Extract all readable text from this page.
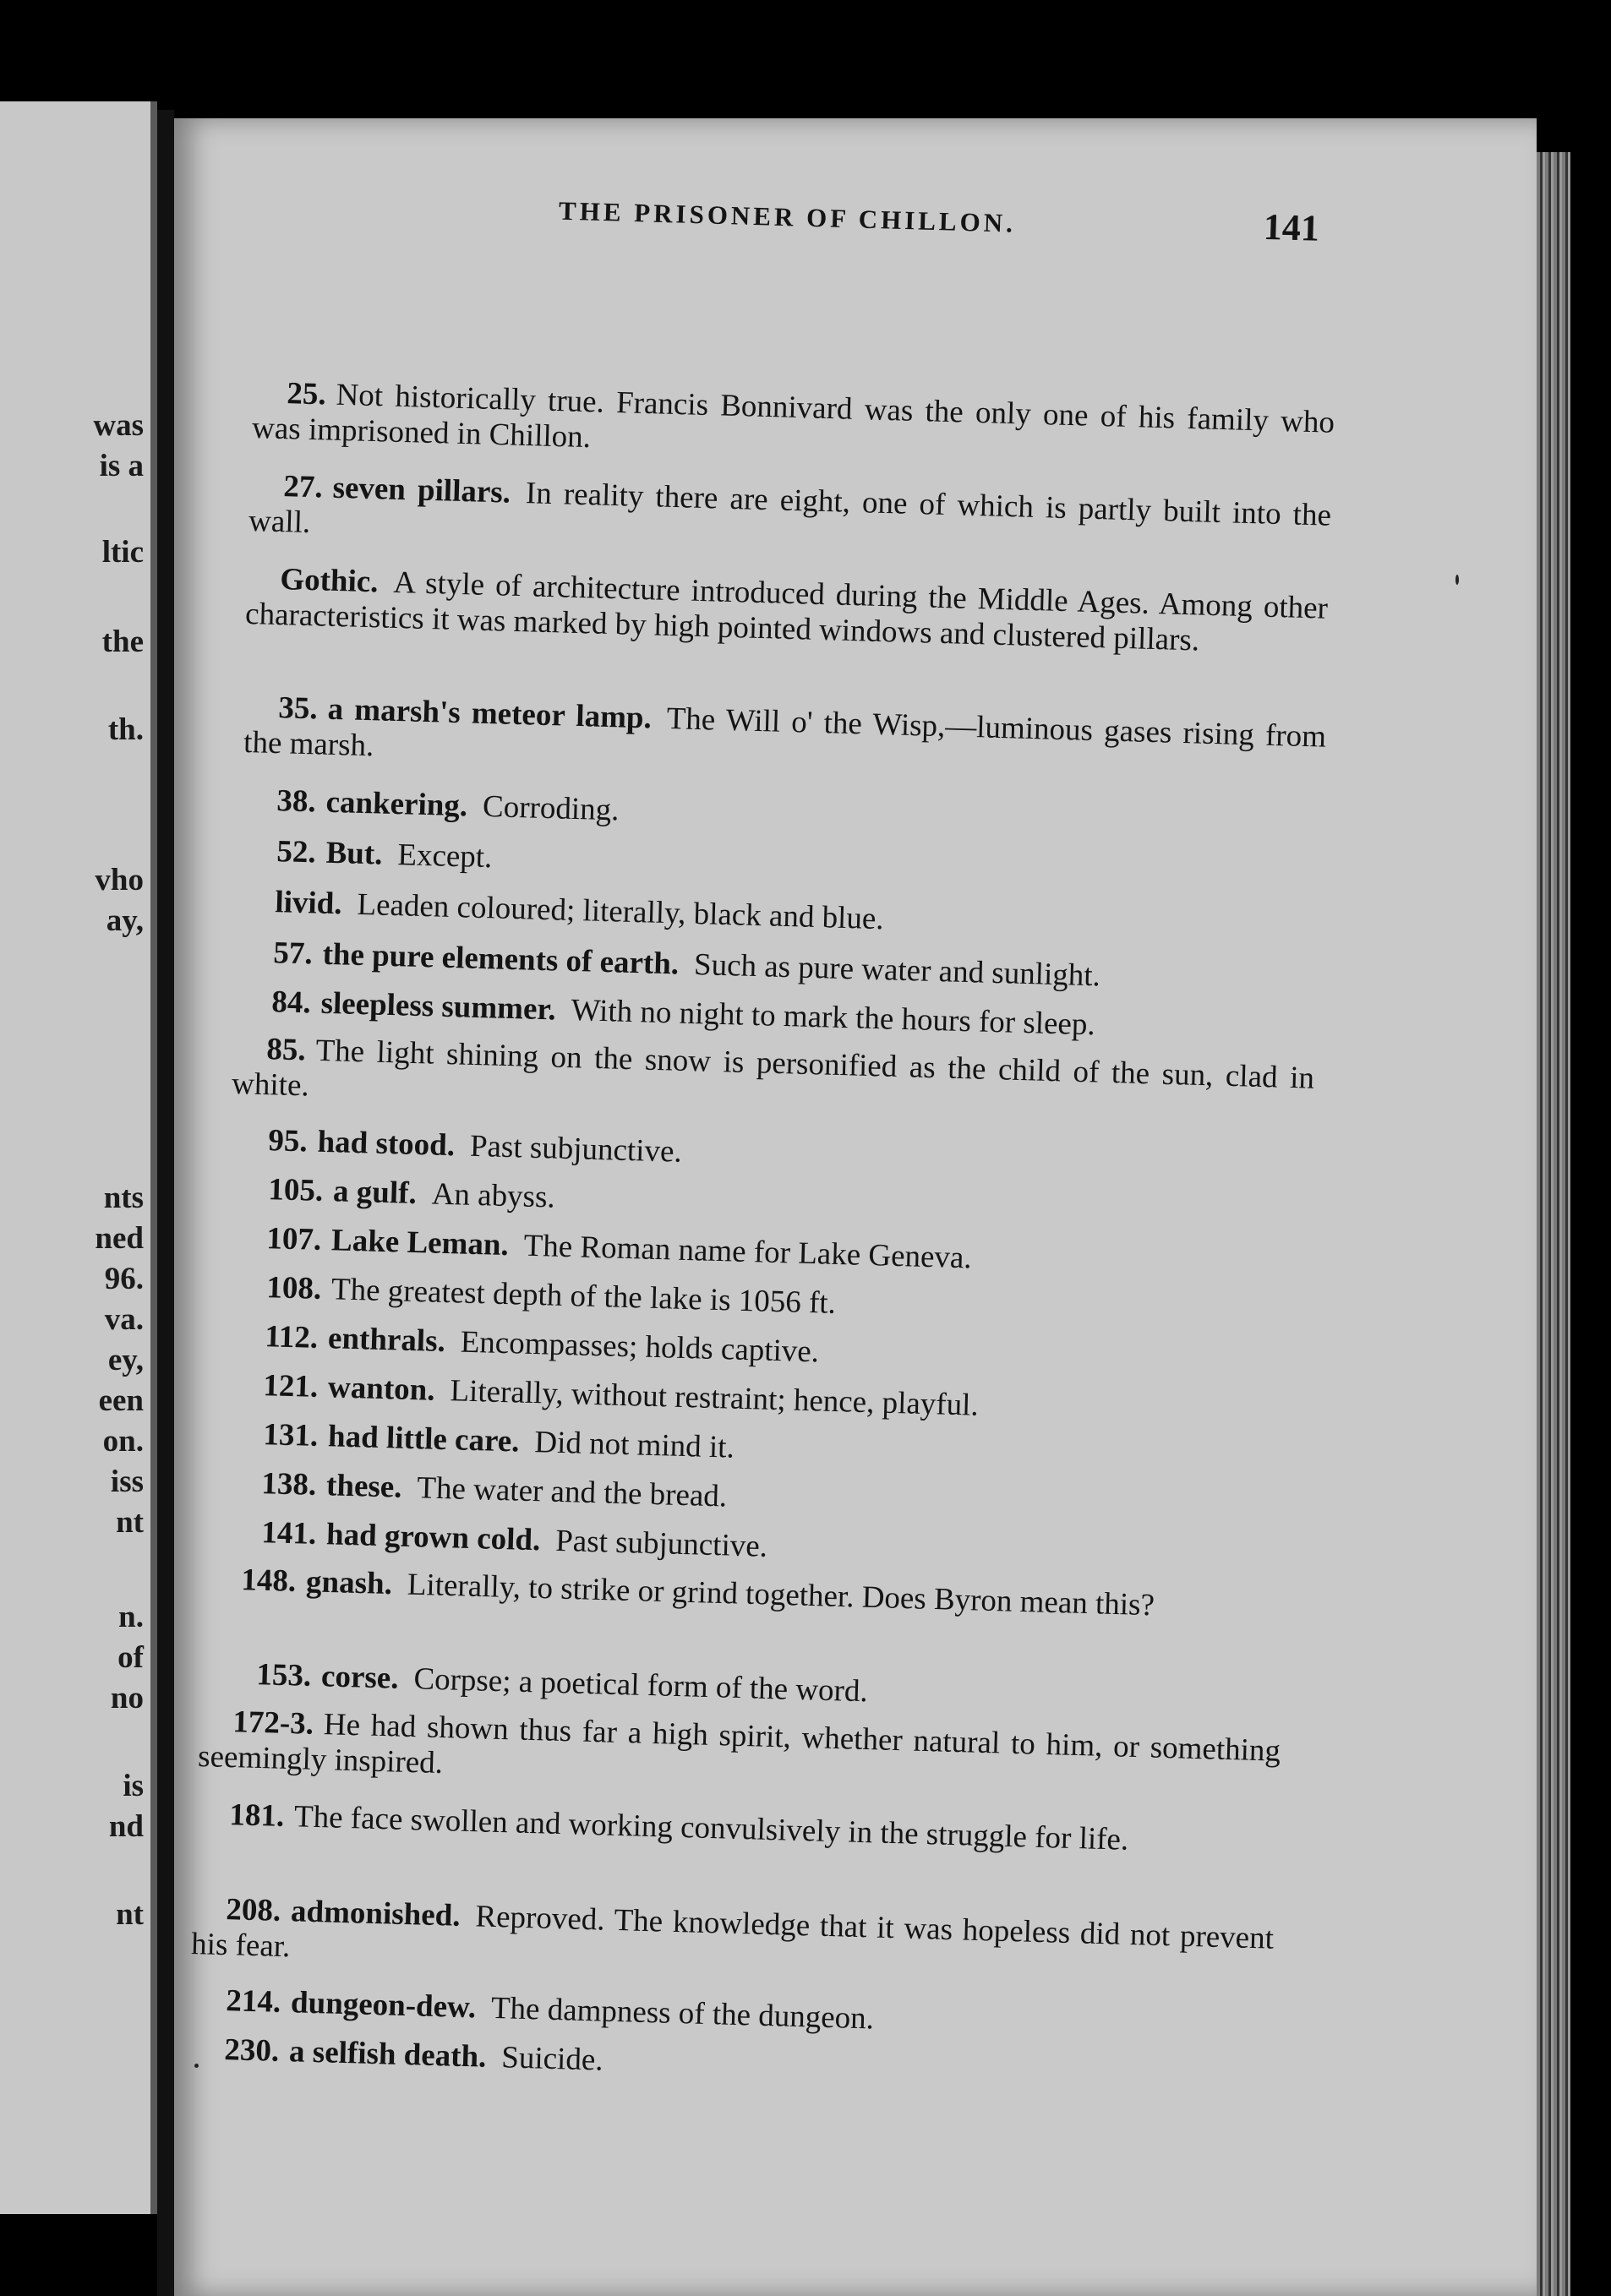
was
is a
ltic
the
th.
vho
ay,
nts
ned
96.
va.
ey,
een
on.
iss
nt
n.
of
no
is
nd
nt
THE PRISONER OF CHILLON.	141
25. Not historically true. Francis Bonnivard was the only one of his family who was imprisoned in Chillon.
27. seven pillars. In reality there are eight, one of which is partly built into the wall.
Gothic. A style of architecture introduced during the Middle Ages. Among other characteristics it was marked by high pointed windows and clustered pillars.
35. a marsh's meteor lamp. The Will o' the Wisp,—luminous gases rising from the marsh.
38. cankering. Corroding.
52. But. Except.
livid. Leaden coloured; literally, black and blue.
57. the pure elements of earth. Such as pure water and sunlight.
84. sleepless summer. With no night to mark the hours for sleep.
85. The light shining on the snow is personified as the child of the sun, clad in white.
95. had stood. Past subjunctive.
105. a gulf. An abyss.
107. Lake Leman. The Roman name for Lake Geneva.
108. The greatest depth of the lake is 1056 ft.
112. enthrals. Encompasses; holds captive.
121. wanton. Literally, without restraint; hence, playful.
131. had little care. Did not mind it.
138. these. The water and the bread.
141. had grown cold. Past subjunctive.
148. gnash. Literally, to strike or grind together. Does Byron mean this?
153. corse. Corpse; a poetical form of the word.
172-3. He had shown thus far a high spirit, whether natural to him, or something seemingly inspired.
181. The face swollen and working convulsively in the struggle for life.
208. admonished. Reproved. The knowledge that it was hopeless did not prevent his fear.
214. dungeon-dew. The dampness of the dungeon.
230. a selfish death. Suicide.
